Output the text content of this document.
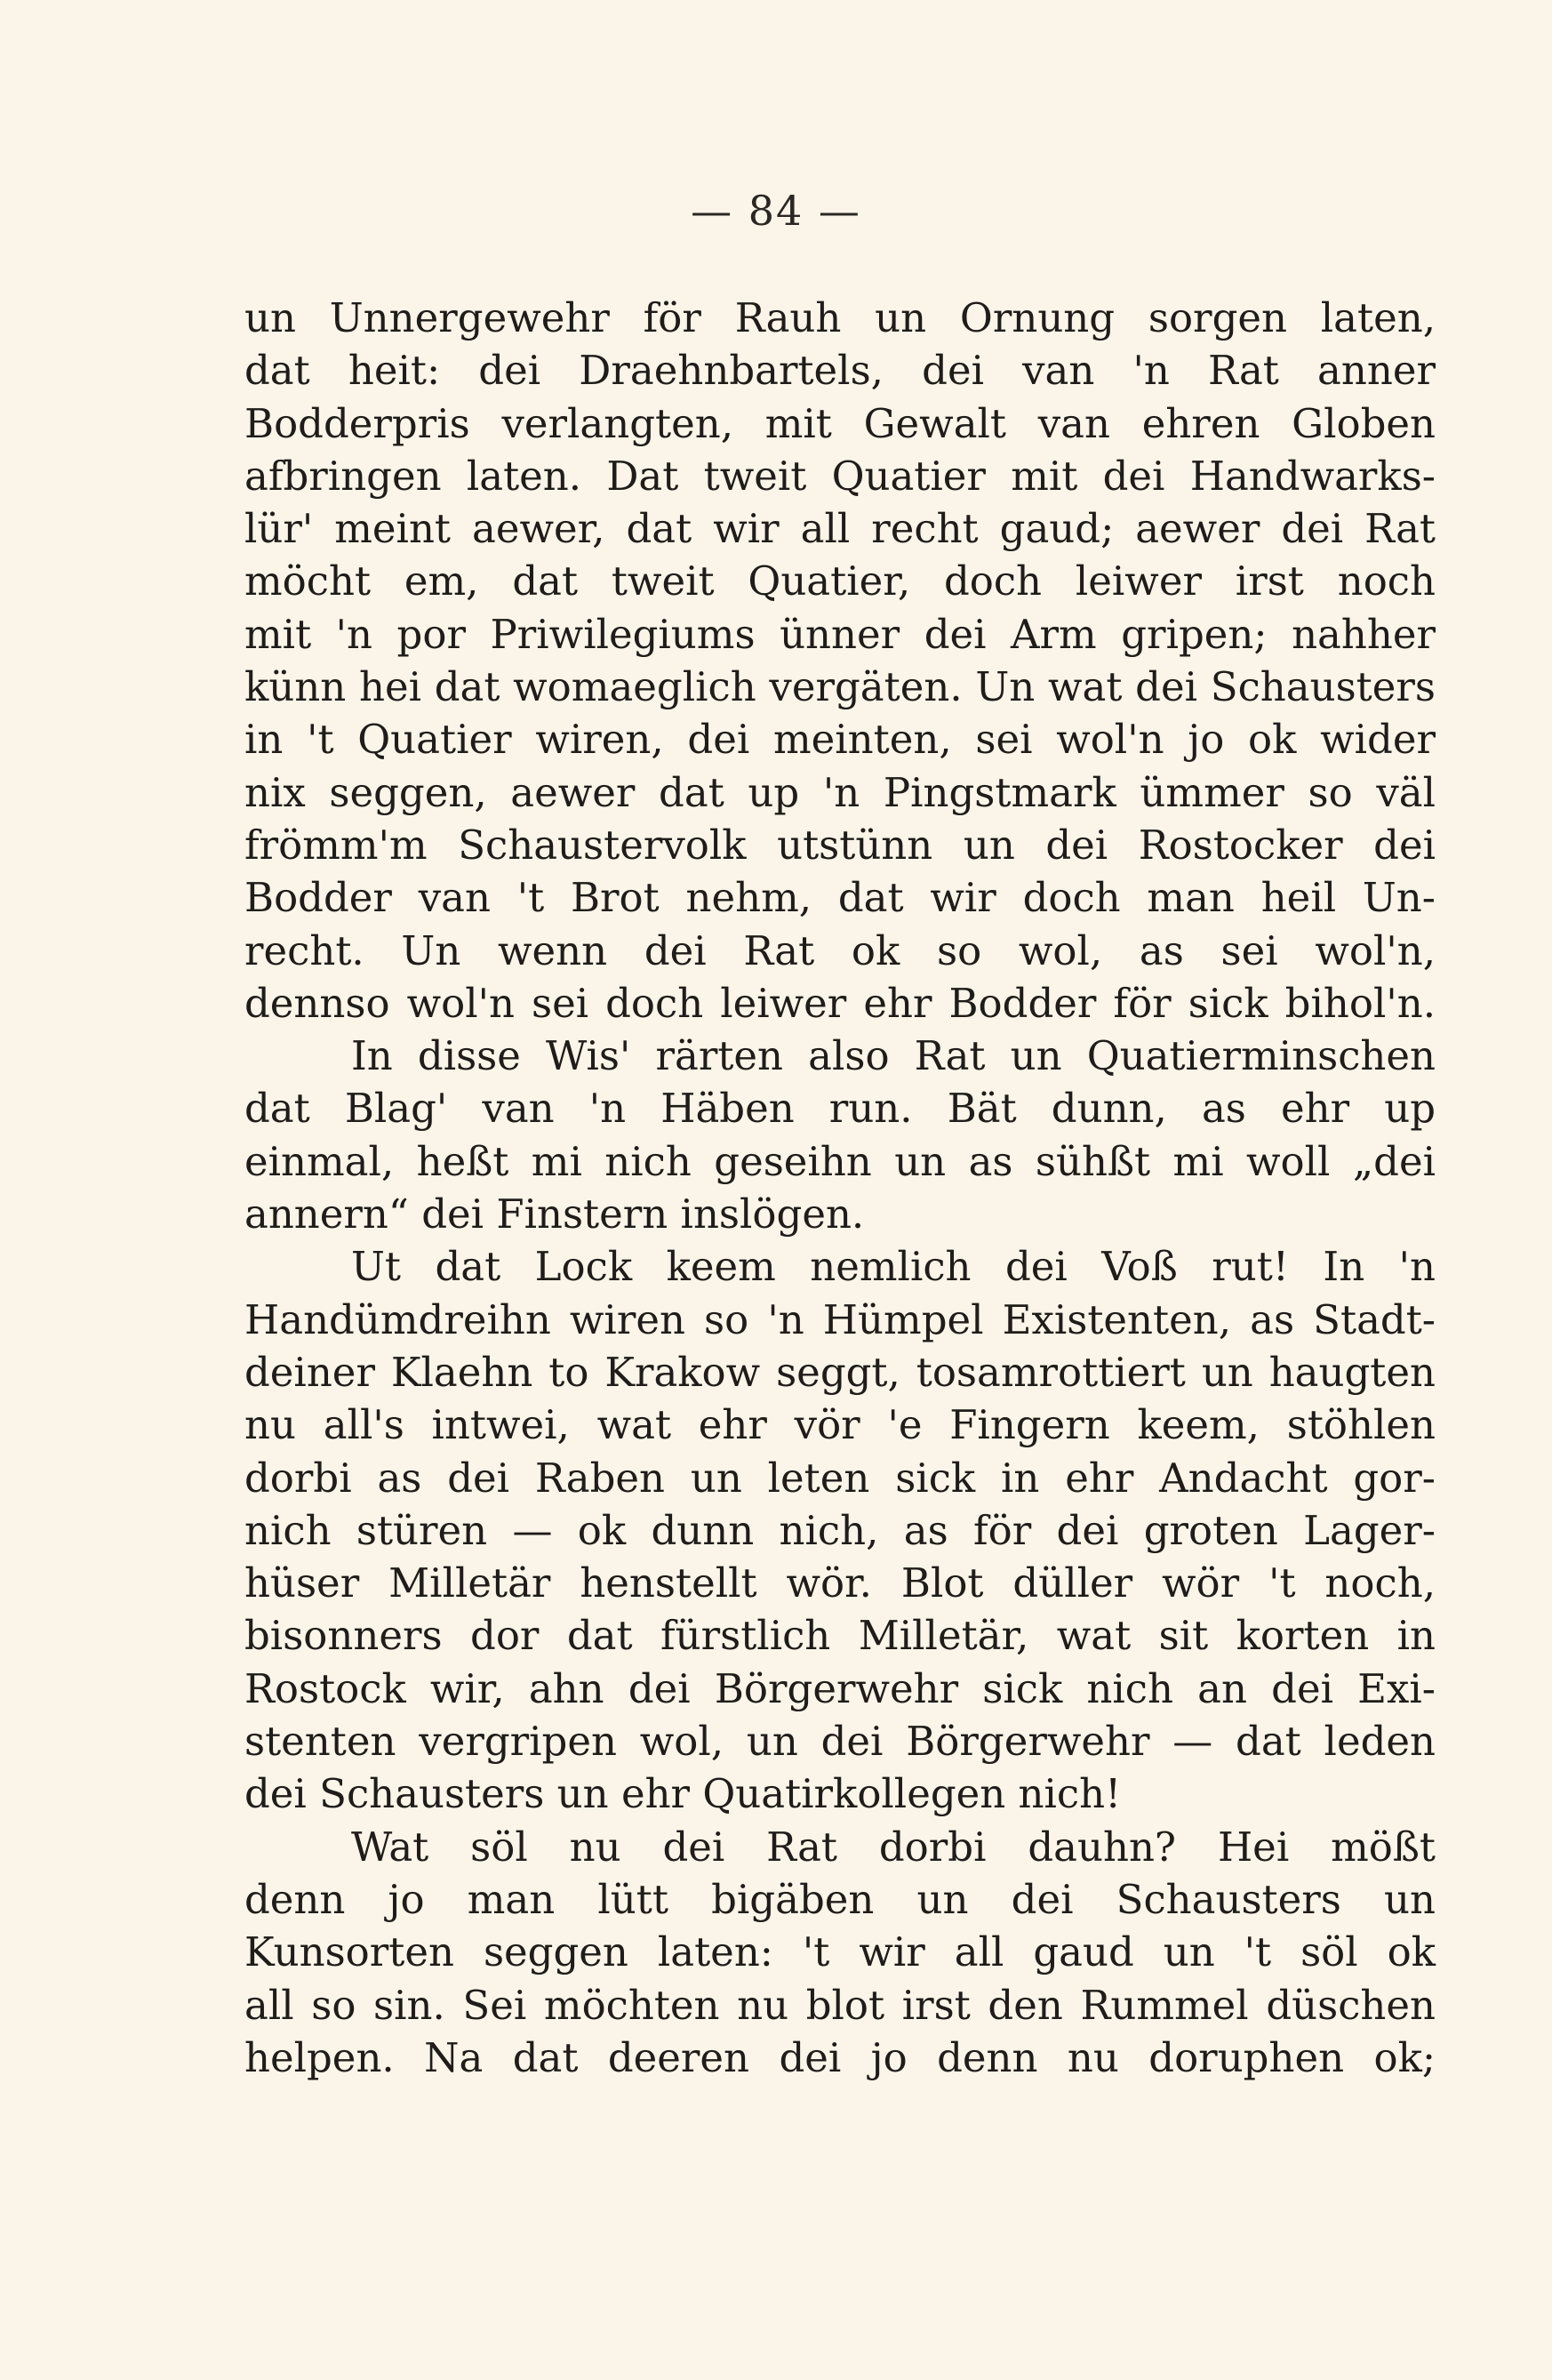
— 84 —
un Unnergewehr för Rauh un Ornung sorgen laten,
dat heit: dei Draehnbartels, dei van 'n Rat anner
Bodderpris verlangten, mit Gewalt van ehren Globen
afbringen laten. Dat tweit Quatier mit dei Handwarks-
lür' meint aewer, dat wir all recht gaud; aewer dei Rat
möcht em, dat tweit Quatier, doch leiwer irst noch
mit 'n por Priwilegiums ünner dei Arm gripen; nahher
künn hei dat womaeglich vergäten. Un wat dei Schausters
in 't Quatier wiren, dei meinten, sei wol'n jo ok wider
nix seggen, aewer dat up 'n Pingstmark ümmer so väl
frömm'm Schaustervolk utstünn un dei Rostocker dei
Bodder van 't Brot nehm, dat wir doch man heil Un-
recht. Un wenn dei Rat ok so wol, as sei wol'n,
dennso wol'n sei doch leiwer ehr Bodder för sick bihol'n.
In disse Wis' rärten also Rat un Quatierminschen
dat Blag' van 'n Häben run. Bät dunn, as ehr up
einmal, heßt mi nich geseihn un as sühßt mi woll „dei
annern“ dei Finstern inslögen.
Ut dat Lock keem nemlich dei Voß rut! In 'n
Handümdreihn wiren so 'n Hümpel Existenten, as Stadt-
deiner Klaehn to Krakow seggt, tosamrottiert un haugten
nu all's intwei, wat ehr vör 'e Fingern keem, stöhlen
dorbi as dei Raben un leten sick in ehr Andacht gor-
nich stüren — ok dunn nich, as för dei groten Lager-
hüser Milletär henstellt wör. Blot düller wör 't noch,
bisonners dor dat fürstlich Milletär, wat sit korten in
Rostock wir, ahn dei Börgerwehr sick nich an dei Exi-
stenten vergripen wol, un dei Börgerwehr — dat leden
dei Schausters un ehr Quatirkollegen nich!
Wat söl nu dei Rat dorbi dauhn? Hei mößt
denn jo man lütt bigäben un dei Schausters un
Kunsorten seggen laten: 't wir all gaud un 't söl ok
all so sin. Sei möchten nu blot irst den Rummel düschen
helpen. Na dat deeren dei jo denn nu doruphen ok;
